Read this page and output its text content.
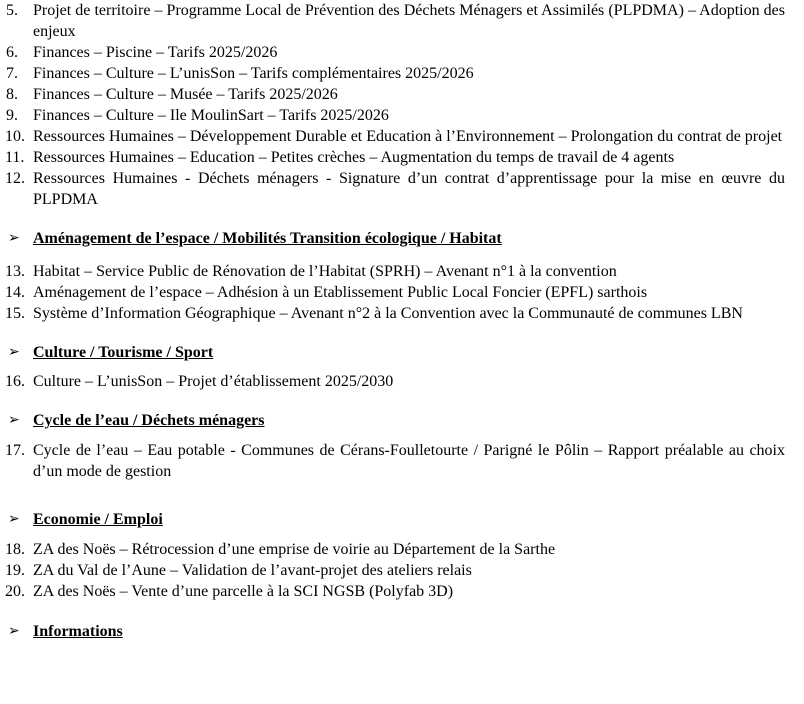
5. Projet de territoire – Programme Local de Prévention des Déchets Ménagers et Assimilés (PLPDMA) – Adoption des enjeux
6. Finances – Piscine – Tarifs 2025/2026
7. Finances – Culture – L’unisSon – Tarifs complémentaires 2025/2026
8. Finances – Culture – Musée – Tarifs 2025/2026
9. Finances – Culture – Ile MoulinSart – Tarifs 2025/2026
10. Ressources Humaines – Développement Durable et Education à l’Environnement – Prolongation du contrat de projet
11. Ressources Humaines – Education – Petites crèches – Augmentation du temps de travail de 4 agents
12. Ressources Humaines - Déchets ménagers - Signature d’un contrat d’apprentissage pour la mise en œuvre du PLPDMA
➢ Aménagement de l’espace / Mobilités Transition écologique / Habitat
13. Habitat – Service Public de Rénovation de l’Habitat (SPRH) – Avenant n°1 à la convention
14. Aménagement de l’espace – Adhésion à un Etablissement Public Local Foncier (EPFL) sarthois
15. Système d’Information Géographique – Avenant n°2 à la Convention avec la Communauté de communes LBN
➢ Culture / Tourisme / Sport
16. Culture – L’unisSon – Projet d’établissement 2025/2030
➢ Cycle de l’eau / Déchets ménagers
17. Cycle de l’eau – Eau potable - Communes de Cérans-Foulletourte / Parigné le Pôlin – Rapport préalable au choix d’un mode de gestion
➢ Economie / Emploi
18. ZA des Noës – Rétrocession d’une emprise de voirie au Département de la Sarthe
19. ZA du Val de l’Aune – Validation de l’avant-projet des ateliers relais
20. ZA des Noës – Vente d’une parcelle à la SCI NGSB (Polyfab 3D)
➢ Informations
